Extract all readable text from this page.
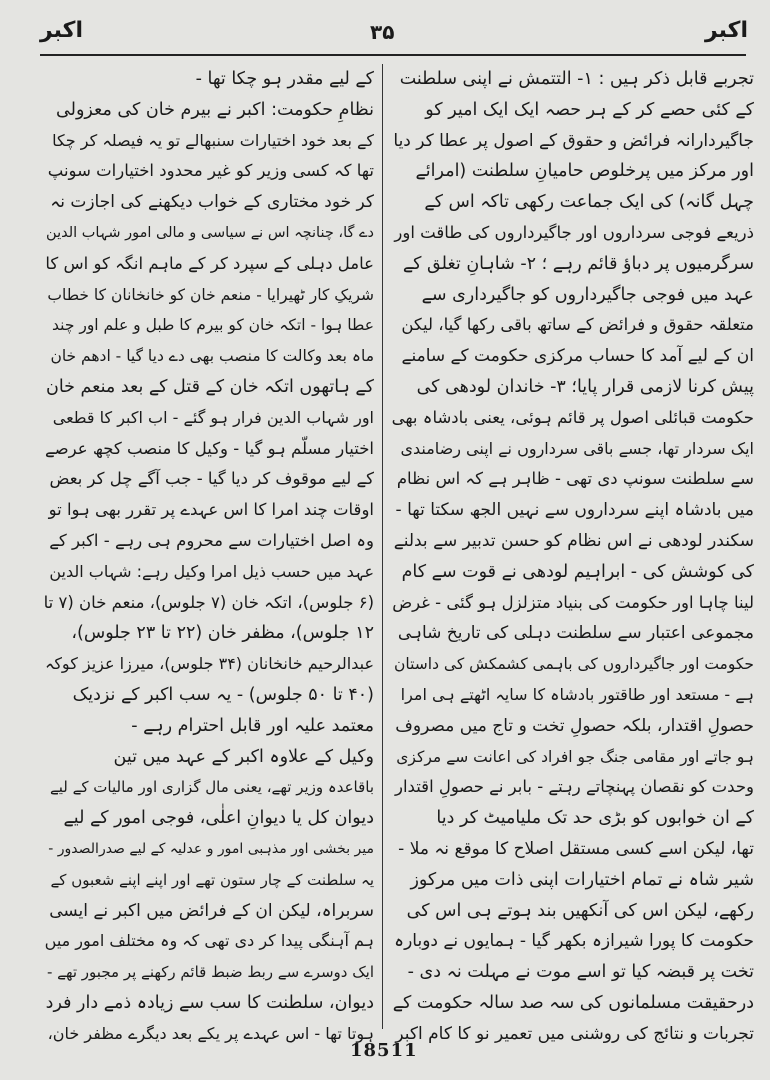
اکبر
۳۵
اکبر
تجربے قابل ذکر ہیں : ۱- التتمش نے اپنی سلطنت
کے کئی حصے کر کے ہر حصہ ایک ایک امیر کو
جاگیردارانہ فرائض و حقوق کے اصول پر عطا کر دیا
اور مرکز میں پرخلوص حامیانِ سلطنت (امرائے
چہل گانہ) کی ایک جماعت رکھی تاکہ اس کے
ذریعے فوجی سرداروں اور جاگیرداروں کی طاقت اور
سرگرمیوں پر دباؤ قائم رہے ؛ ۲- شاہانِ تغلق کے
عہد میں فوجی جاگیرداروں کو جاگیرداری سے
متعلقہ حقوق و فرائض کے ساتھ باقی رکھا گیا، لیکن
ان کے لیے آمد کا حساب مرکزی حکومت کے سامنے
پیش کرنا لازمی قرار پایا؛ ۳- خاندان لودھی کی
حکومت قبائلی اصول پر قائم ہوئی، یعنی بادشاہ بھی
ایک سردار تھا، جسے باقی سرداروں نے اپنی رضامندی
سے سلطنت سونپ دی تھی - ظاہر ہے کہ اس نظام
میں بادشاہ اپنے سرداروں سے نہیں الجھ سکتا تھا -
سکندر لودھی نے اس نظام کو حسن تدبیر سے بدلنے
کی کوشش کی - ابراہیم لودھی نے قوت سے کام
لینا چاہا اور حکومت کی بنیاد متزلزل ہو گئی - غرض
مجموعی اعتبار سے سلطنت دہلی کی تاریخ شاہی
حکومت اور جاگیرداروں کی باہمی کشمکش کی داستان
ہے - مستعد اور طاقتور بادشاہ کا سایہ اٹھتے ہی امرا
حصولِ اقتدار، بلکہ حصولِ تخت و تاج میں مصروف
ہو جاتے اور مقامی جنگ جو افراد کی اعانت سے مرکزی
وحدت کو نقصان پہنچاتے رہتے - بابر نے حصولِ اقتدار
کے ان خوابوں کو بڑی حد تک ملیامیٹ کر دیا
تھا، لیکن اسے کسی مستقل اصلاح کا موقع نہ ملا -
شیر شاہ نے تمام اختیارات اپنی ذات میں مرکوز
رکھے، لیکن اس کی آنکھیں بند ہوتے ہی اس کی
حکومت کا پورا شیرازہ بکھر گیا - ہمایوں نے دوبارہ
تخت پر قبضہ کیا تو اسے موت نے مہلت نہ دی -
درحقیقت مسلمانوں کی سہ صد سالہ حکومت کے
تجربات و نتائج کی روشنی میں تعمیر نو کا کام اکبر
کے لیے مقدر ہو چکا تھا -
نظامِ حکومت: اکبر نے بیرم خان کی معزولی
کے بعد خود اختیارات سنبھالے تو یہ فیصلہ کر چکا
تھا کہ کسی وزیر کو غیر محدود اختیارات سونپ
کر خود مختاری کے خواب دیکھنے کی اجازت نہ
دے گا، چنانچہ اس نے سیاسی و مالی امور شہاب الدین
عامل دہلی کے سپرد کر کے ماہم انگہ کو اس کا
شریکِ کار ٹھیرایا - منعم خان کو خانخانان کا خطاب
عطا ہوا - اتکہ خان کو بیرم کا طبل و علم اور چند
ماہ بعد وکالت کا منصب بھی دے دیا گیا - ادھم خان
کے ہاتھوں اتکہ خان کے قتل کے بعد منعم خان
اور شہاب الدین فرار ہو گئے - اب اکبر کا قطعی
اختیار مسلّم ہو گیا - وکیل کا منصب کچھ عرصے
کے لیے موقوف کر دیا گیا - جب آگے چل کر بعض
اوقات چند امرا کا اس عہدے پر تقرر بھی ہوا تو
وہ اصل اختیارات سے محروم ہی رہے - اکبر کے
عہد میں حسب ذیل امرا وکیل رہے: شہاب الدین
(۶ جلوس)، اتکہ خان (۷ جلوس)، منعم خان (۷ تا
۱۲ جلوس)، مظفر خان (۲۲ تا ۲۳ جلوس)،
عبدالرحیم خانخانان (۳۴ جلوس)، میرزا عزیز کوکہ
(۴۰ تا ۵۰ جلوس) - یہ سب اکبر کے نزدیک
معتمد علیہ اور قابل احترام رہے -
وکیل کے علاوہ اکبر کے عہد میں تین
باقاعدہ وزیر تھے، یعنی مال گزاری اور مالیات کے لیے
دیوان کل یا دیوانِ اعلٰی، فوجی امور کے لیے
میر بخشی اور مذہبی امور و عدلیہ کے لیے صدرالصدور -
یہ سلطنت کے چار ستون تھے اور اپنے اپنے شعبوں کے
سربراہ، لیکن ان کے فرائض میں اکبر نے ایسی
ہم آہنگی پیدا کر دی تھی کہ وہ مختلف امور میں
ایک دوسرے سے ربط ضبط قائم رکھنے پر مجبور تھے -
دیوان، سلطنت کا سب سے زیادہ ذمے دار فرد
ہوتا تھا - اس عہدے پر یکے بعد دیگرے مظفر خان،
18511
